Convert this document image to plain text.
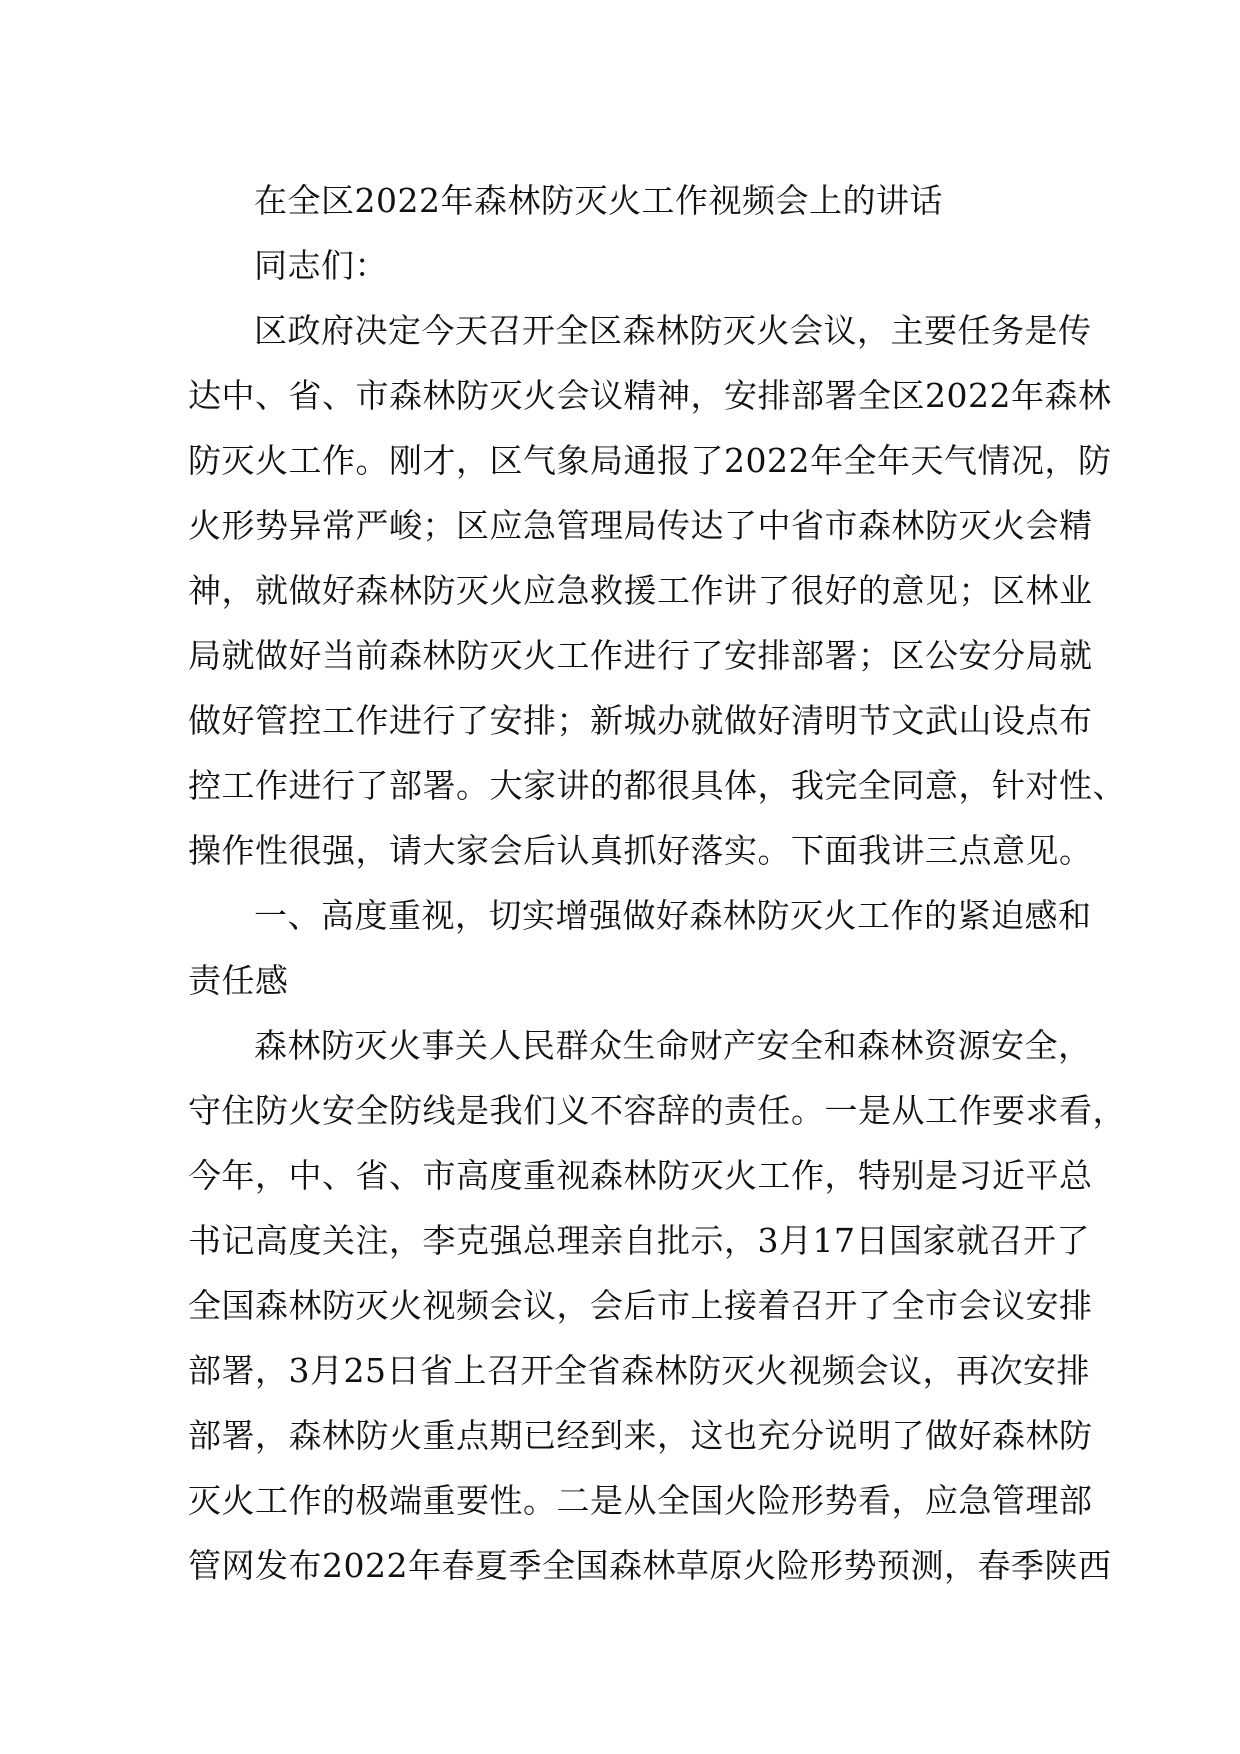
在全区2022年森林防灭火工作视频会上的讲话
同志们：
区政府决定今天召开全区森林防灭火会议，主要任务是传
达中、省、市森林防灭火会议精神，安排部署全区2022年森林
防灭火工作。刚才，区气象局通报了2022年全年天气情况，防
火形势异常严峻；区应急管理局传达了中省市森林防灭火会精
神，就做好森林防灭火应急救援工作讲了很好的意见；区林业
局就做好当前森林防灭火工作进行了安排部署；区公安分局就
做好管控工作进行了安排；新城办就做好清明节文武山设点布
控工作进行了部署。大家讲的都很具体，我完全同意，针对性、
操作性很强，请大家会后认真抓好落实。下面我讲三点意见。
一、高度重视，切实增强做好森林防灭火工作的紧迫感和
责任感
森林防灭火事关人民群众生命财产安全和森林资源安全，
守住防火安全防线是我们义不容辞的责任。一是从工作要求看，
今年，中、省、市高度重视森林防灭火工作，特别是习近平总
书记高度关注，李克强总理亲自批示，3月17日国家就召开了
全国森林防灭火视频会议，会后市上接着召开了全市会议安排
部署，3月25日省上召开全省森林防灭火视频会议，再次安排
部署，森林防火重点期已经到来，这也充分说明了做好森林防
灭火工作的极端重要性。二是从全国火险形势看，应急管理部
管网发布2022年春夏季全国森林草原火险形势预测，春季陕西
